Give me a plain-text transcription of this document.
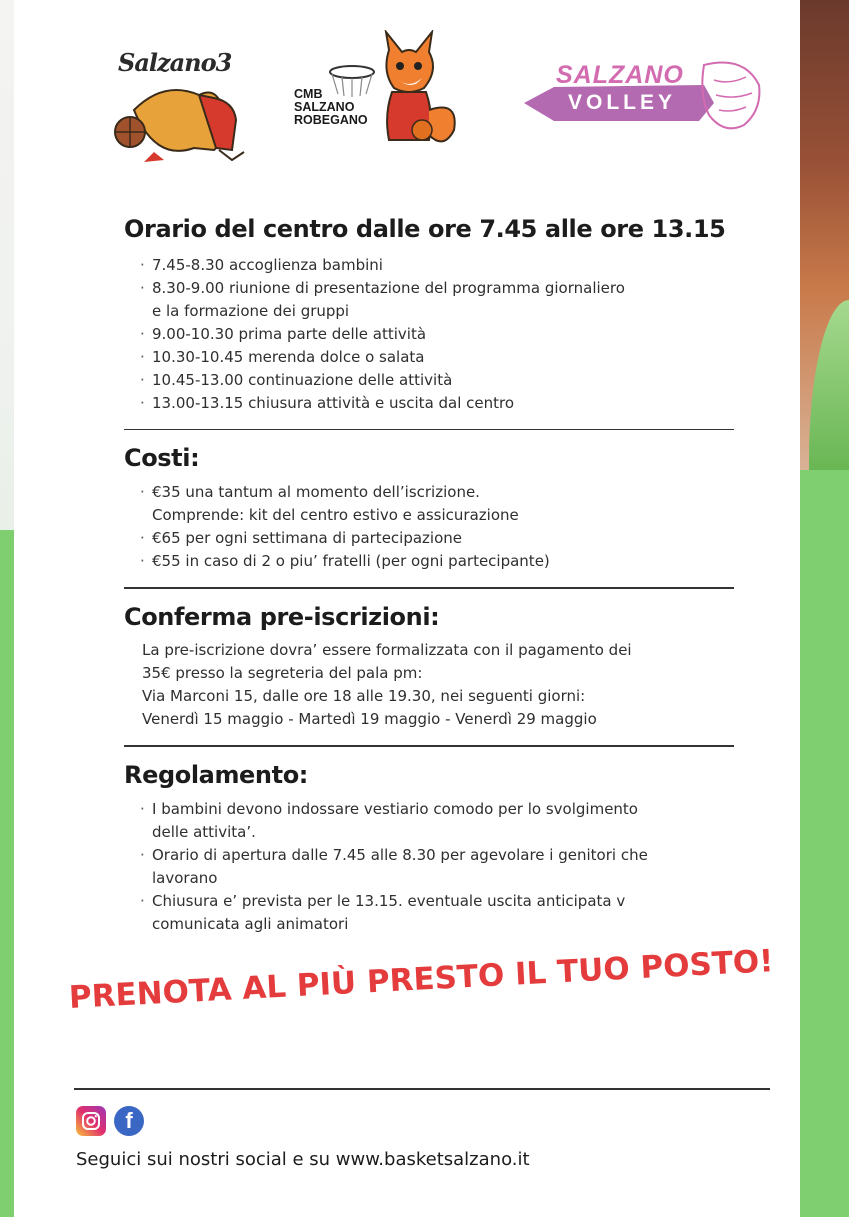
Salzano3
CMB
SALZANO
ROBEGANO
SALZANO
VOLLEY
Orario del centro dalle ore 7.45 alle ore 13.15
· 7.45-8.30 accoglienza bambini
· 8.30-9.00 riunione di presentazione del programma giornaliero
e la formazione dei gruppi
· 9.00-10.30 prima parte delle attività
· 10.30-10.45 merenda dolce o salata
· 10.45-13.00 continuazione delle attività
· 13.00-13.15 chiusura attività e uscita dal centro
Costi:
· €35 una tantum al momento dell’iscrizione.
Comprende: kit del centro estivo e assicurazione
· €65 per ogni settimana di partecipazione
· €55 in caso di 2 o piu’ fratelli (per ogni partecipante)
Conferma pre-iscrizioni:
La pre-iscrizione dovra’ essere formalizzata con il pagamento dei
35€ presso la segreteria del pala pm:
Via Marconi 15, dalle ore 18 alle 19.30, nei seguenti giorni:
Venerdì 15 maggio - Martedì 19 maggio - Venerdì 29 maggio
Regolamento:
· I bambini devono indossare vestiario comodo per lo svolgimento
delle attivita’.
· Orario di apertura dalle 7.45 alle 8.30 per agevolare i genitori che
lavorano
· Chiusura e’ prevista per le 13.15. eventuale uscita anticipata v
comunicata agli animatori
PRENOTA AL PIÙ PRESTO IL TUO POSTO!
f
Seguici sui nostri social e su www.basketsalzano.it
